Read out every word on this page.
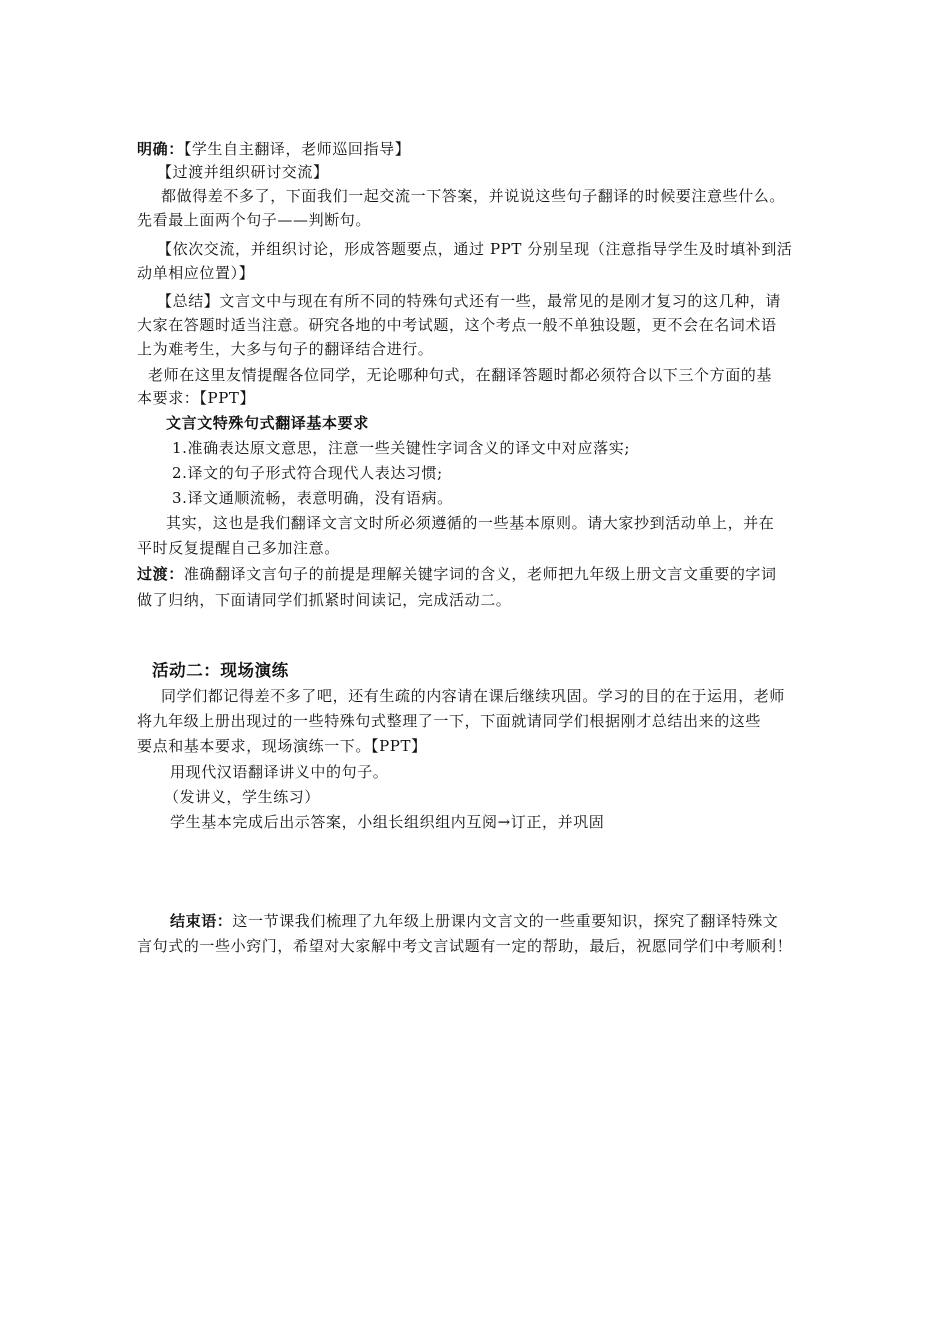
明确：【学生自主翻译，老师巡回指导】
【过渡并组织研讨交流】
都做得差不多了，下面我们一起交流一下答案，并说说这些句子翻译的时候要注意些什么。
先看最上面两个句子——判断句。
【依次交流，并组织讨论，形成答题要点，通过 PPT 分别呈现（注意指导学生及时填补到活
动单相应位置）】
【总结】文言文中与现在有所不同的特殊句式还有一些，最常见的是刚才复习的这几种，请
大家在答题时适当注意。研究各地的中考试题，这个考点一般不单独设题，更不会在名词术语
上为难考生，大多与句子的翻译结合进行。
老师在这里友情提醒各位同学，无论哪种句式，在翻译答题时都必须符合以下三个方面的基
本要求：【PPT】
文言文特殊句式翻译基本要求
1.准确表达原文意思，注意一些关键性字词含义的译文中对应落实;
2.译文的句子形式符合现代人表达习惯;
3.译文通顺流畅，表意明确，没有语病。
其实，这也是我们翻译文言文时所必须遵循的一些基本原则。请大家抄到活动单上，并在
平时反复提醒自己多加注意。
过渡：准确翻译文言句子的前提是理解关键字词的含义，老师把九年级上册文言文重要的字词
做了归纳，下面请同学们抓紧时间读记，完成活动二。
活动二：现场演练
同学们都记得差不多了吧，还有生疏的内容请在课后继续巩固。学习的目的在于运用，老师
将九年级上册出现过的一些特殊句式整理了一下，下面就请同学们根据刚才总结出来的这些
要点和基本要求，现场演练一下。【PPT】
用现代汉语翻译讲义中的句子。
（发讲义，学生练习）
学生基本完成后出示答案，小组长组织组内互阅→订正，并巩固
结束语：这一节课我们梳理了九年级上册课内文言文的一些重要知识，探究了翻译特殊文
言句式的一些小窍门，希望对大家解中考文言试题有一定的帮助，最后，祝愿同学们中考顺利！
